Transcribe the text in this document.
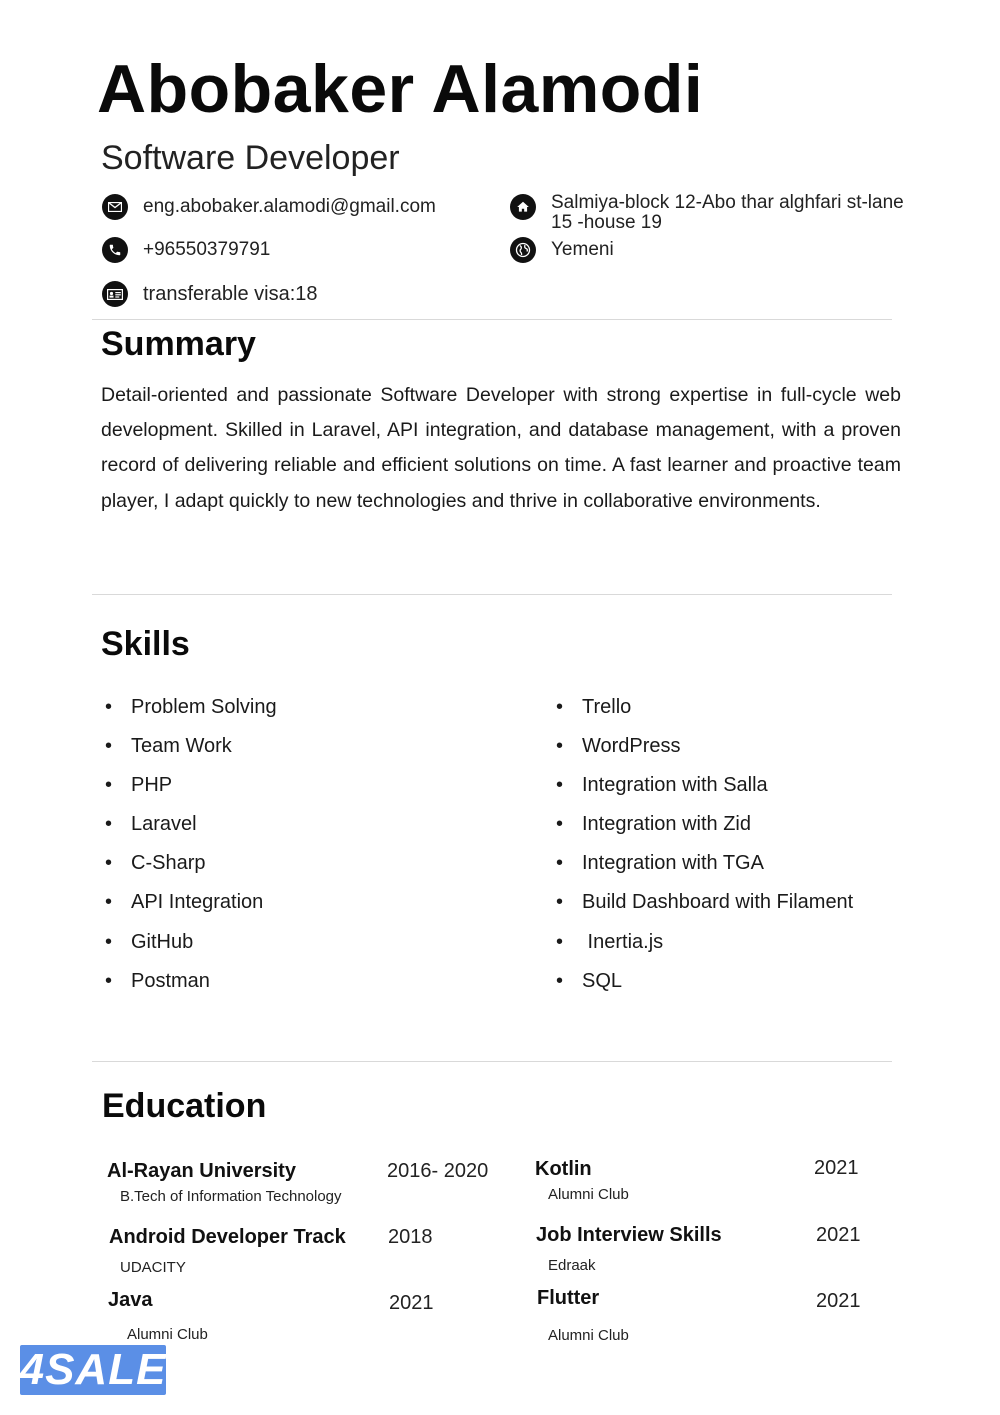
Abobaker Alamodi
Software Developer
eng.abobaker.alamodi@gmail.com
+96550379791
transferable visa:18
Salmiya-block 12-Abo thar alghfari st-lane
15 -house 19
Yemeni
Summary
Detail-oriented and passionate Software Developer with strong expertise in full-cycle web development. Skilled in Laravel, API integration, and database management, with a proven record of delivering reliable and efficient solutions on time. A fast learner and proactive team player, I adapt quickly to new technologies and thrive in collaborative environments.
Skills
• Problem Solving
• Team Work
• PHP
• Laravel
• C-Sharp
• API Integration
• GitHub
• Postman
• Trello
• WordPress
• Integration with Salla
• Integration with Zid
• Integration with TGA
• Build Dashboard with Filament
•  Inertia.js
• SQL
Education
Al-Rayan University
B.Tech of Information Technology
2016- 2020
Android Developer Track
UDACITY
2018
Java
Alumni Club
2021
Kotlin
Alumni Club
2021
Job Interview Skills
Edraak
2021
Flutter
Alumni Club
2021
4SALE
